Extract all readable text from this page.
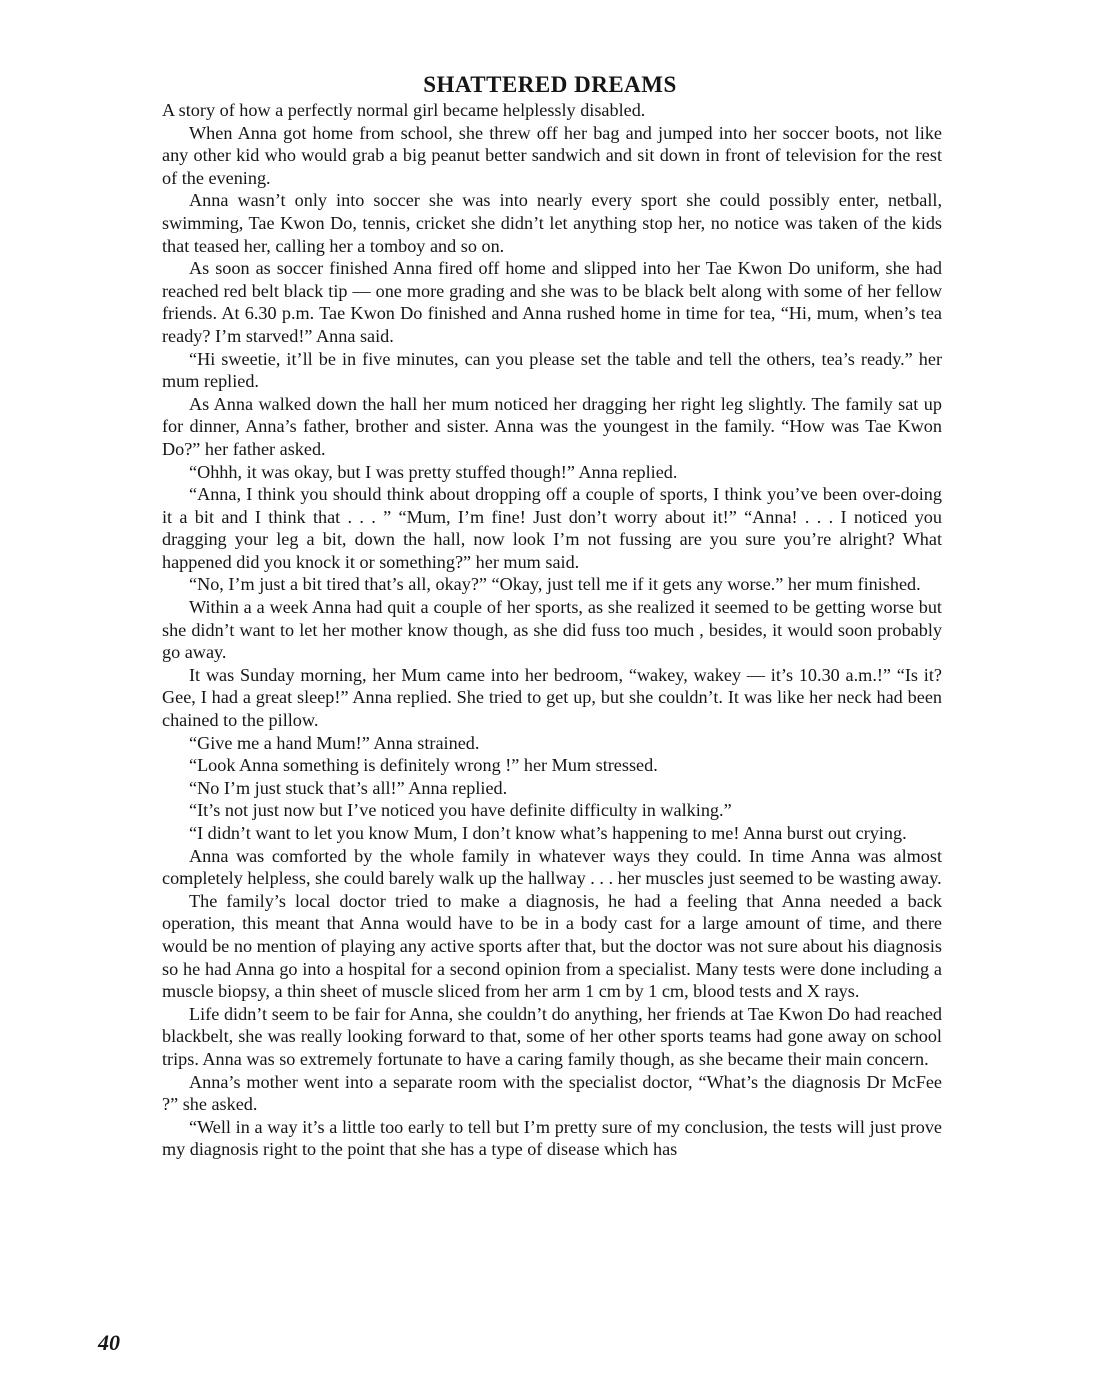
SHATTERED DREAMS

A story of how a perfectly normal girl became helplessly disabled.

When Anna got home from school, she threw off her bag and jumped into her soccer boots, not like any other kid who would grab a big peanut better sandwich and sit down in front of television for the rest of the evening.

Anna wasn’t only into soccer she was into nearly every sport she could possibly enter, netball, swimming, Tae Kwon Do, tennis, cricket she didn’t let anything stop her, no notice was taken of the kids that teased her, calling her a tomboy and so on.

As soon as soccer finished Anna fired off home and slipped into her Tae Kwon Do uniform, she had reached red belt black tip — one more grading and she was to be black belt along with some of her fellow friends. At 6.30 p.m. Tae Kwon Do finished and Anna rushed home in time for tea, “Hi, mum, when’s tea ready? I’m starved!” Anna said.

“Hi sweetie, it’ll be in five minutes, can you please set the table and tell the others, tea’s ready.” her mum replied.

As Anna walked down the hall her mum noticed her dragging her right leg slightly. The family sat up for dinner, Anna’s father, brother and sister. Anna was the youngest in the family. “How was Tae Kwon Do?” her father asked.

“Ohhh, it was okay, but I was pretty stuffed though!” Anna replied.

“Anna, I think you should think about dropping off a couple of sports, I think you’ve been over-doing it a bit and I think that . . . ” “Mum, I’m fine! Just don’t worry about it!” “Anna! . . . I noticed you dragging your leg a bit, down the hall, now look I’m not fussing are you sure you’re alright? What happened did you knock it or something?” her mum said.

“No, I’m just a bit tired that’s all, okay?” “Okay, just tell me if it gets any worse.” her mum finished.

Within a a week Anna had quit a couple of her sports, as she realized it seemed to be getting worse but she didn’t want to let her mother know though, as she did fuss too much , besides, it would soon probably go away.

It was Sunday morning, her Mum came into her bedroom, “wakey, wakey — it’s 10.30 a.m.!” “Is it? Gee, I had a great sleep!” Anna replied. She tried to get up, but she couldn’t. It was like her neck had been chained to the pillow.

“Give me a hand Mum!” Anna strained.

“Look Anna something is definitely wrong !” her Mum stressed.

“No I’m just stuck that’s all!” Anna replied.

“It’s not just now but I’ve noticed you have definite difficulty in walking.”

“I didn’t want to let you know Mum, I don’t know what’s happening to me! Anna burst out crying.

Anna was comforted by the whole family in whatever ways they could. In time Anna was almost completely helpless, she could barely walk up the hallway . . . her muscles just seemed to be wasting away.

The family’s local doctor tried to make a diagnosis, he had a feeling that Anna needed a back operation, this meant that Anna would have to be in a body cast for a large amount of time, and there would be no mention of playing any active sports after that, but the doctor was not sure about his diagnosis so he had Anna go into a hospital for a second opinion from a specialist. Many tests were done including a muscle biopsy, a thin sheet of muscle sliced from her arm 1 cm by 1 cm, blood tests and X rays.

Life didn’t seem to be fair for Anna, she couldn’t do anything, her friends at Tae Kwon Do had reached blackbelt, she was really looking forward to that, some of her other sports teams had gone away on school trips. Anna was so extremely fortunate to have a caring family though, as she became their main concern.

Anna’s mother went into a separate room with the specialist doctor, “What’s the diagnosis Dr McFee ?” she asked.

“Well in a way it’s a little too early to tell but I’m pretty sure of my conclusion, the tests will just prove my diagnosis right to the point that she has a type of disease which has

40
